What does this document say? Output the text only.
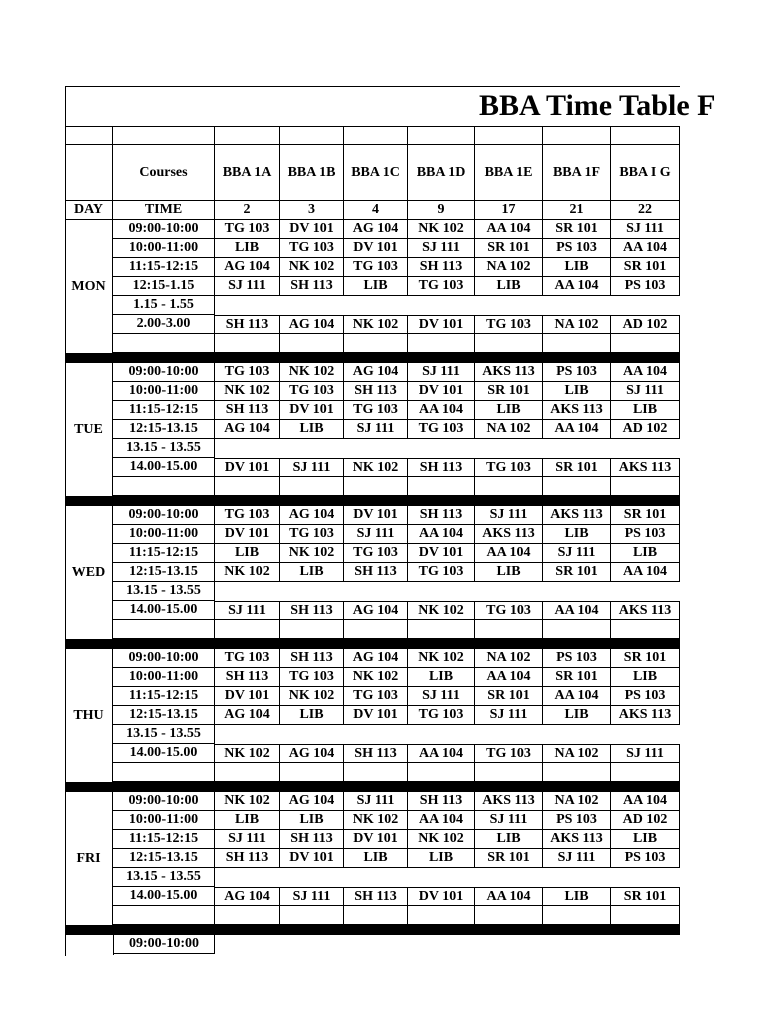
BBA Time Table F
Courses	BBA 1A	BBA 1B	BBA 1C	BBA 1D	BBA 1E	BBA 1F	BBA I G
DAY	TIME	2	3	4	9	17	21	22
MON
09:00-10:00	TG 103	DV 101	AG 104	NK 102	AA 104	SR 101	SJ 111
10:00-11:00	LIB	TG 103	DV 101	SJ 111	SR 101	PS 103	AA 104
11:15-12:15	AG 104	NK 102	TG 103	SH 113	NA 102	LIB	SR 101
12:15-1.15	SJ 111	SH 113	LIB	TG 103	LIB	AA 104	PS 103
1.15 - 1.55
2.00-3.00	SH 113	AG 104	NK 102	DV 101	TG 103	NA 102	AD 102
TUE
09:00-10:00	TG 103	NK 102	AG 104	SJ 111	AKS 113	PS 103	AA 104
10:00-11:00	NK 102	TG 103	SH 113	DV 101	SR 101	LIB	SJ 111
11:15-12:15	SH 113	DV 101	TG 103	AA 104	LIB	AKS 113	LIB
12:15-13.15	AG 104	LIB	SJ 111	TG 103	NA 102	AA 104	AD 102
13.15 - 13.55
14.00-15.00	DV 101	SJ 111	NK 102	SH 113	TG 103	SR 101	AKS 113
WED
09:00-10:00	TG 103	AG 104	DV 101	SH 113	SJ 111	AKS 113	SR 101
10:00-11:00	DV 101	TG 103	SJ 111	AA 104	AKS 113	LIB	PS 103
11:15-12:15	LIB	NK 102	TG 103	DV 101	AA 104	SJ 111	LIB
12:15-13.15	NK 102	LIB	SH 113	TG 103	LIB	SR 101	AA 104
13.15 - 13.55
14.00-15.00	SJ 111	SH 113	AG 104	NK 102	TG 103	AA 104	AKS 113
THU
09:00-10:00	TG 103	SH 113	AG 104	NK 102	NA 102	PS 103	SR 101
10:00-11:00	SH 113	TG 103	NK 102	LIB	AA 104	SR 101	LIB
11:15-12:15	DV 101	NK 102	TG 103	SJ 111	SR 101	AA 104	PS 103
12:15-13.15	AG 104	LIB	DV 101	TG 103	SJ 111	LIB	AKS 113
13.15 - 13.55
14.00-15.00	NK 102	AG 104	SH 113	AA 104	TG 103	NA 102	SJ 111
FRI
09:00-10:00	NK 102	AG 104	SJ 111	SH 113	AKS 113	NA 102	AA 104
10:00-11:00	LIB	LIB	NK 102	AA 104	SJ 111	PS 103	AD 102
11:15-12:15	SJ 111	SH 113	DV 101	NK 102	LIB	AKS 113	LIB
12:15-13.15	SH 113	DV 101	LIB	LIB	SR 101	SJ 111	PS 103
13.15 - 13.55
14.00-15.00	AG 104	SJ 111	SH 113	DV 101	AA 104	LIB	SR 101
09:00-10:00
